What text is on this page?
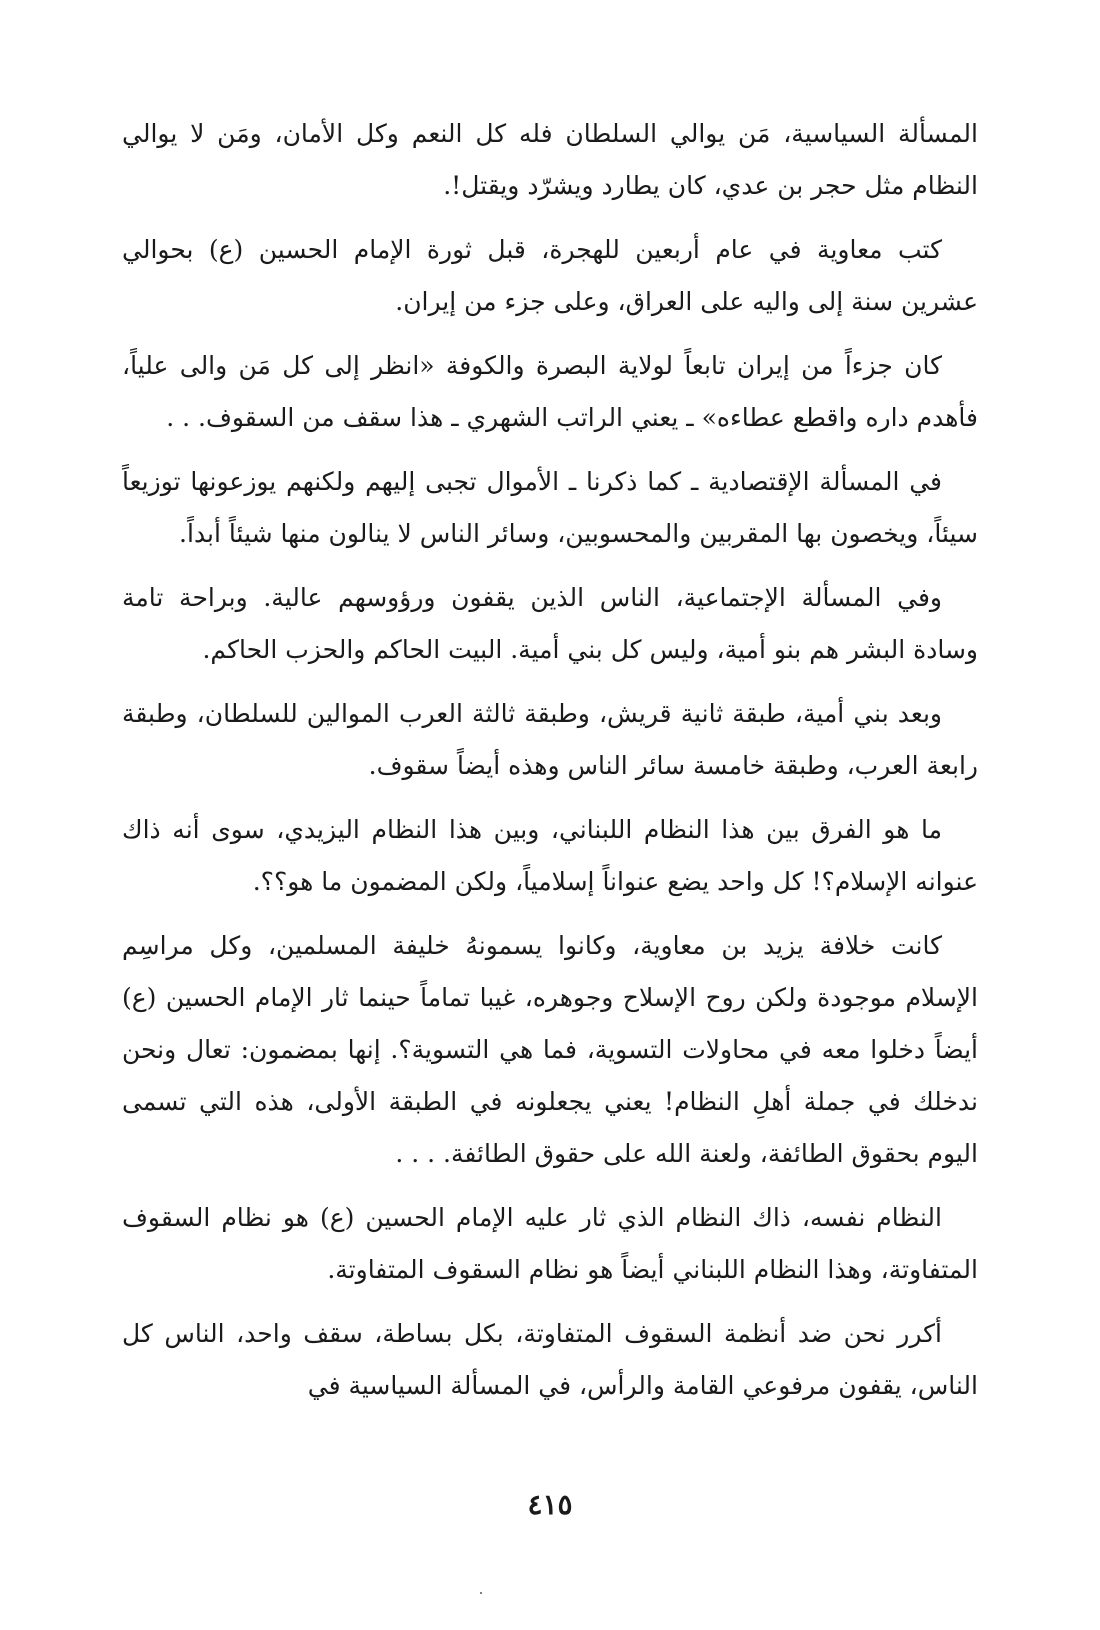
المسألة السياسية، مَن يوالي السلطان فله كل النعم وكل الأمان، ومَن لا يوالي النظام مثل حجر بن عدي، كان يطارد ويشرّد ويقتل!.

كتب معاوية في عام أربعين للهجرة، قبل ثورة الإمام الحسين (ع) بحوالي عشرين سنة إلى واليه على العراق، وعلى جزء من إيران.

كان جزءاً من إيران تابعاً لولاية البصرة والكوفة «انظر إلى كل مَن والى علياً، فأهدم داره واقطع عطاءه» ـ يعني الراتب الشهري ـ هذا سقف من السقوف. . .

في المسألة الإقتصادية ـ كما ذكرنا ـ الأموال تجبى إليهم ولكنهم يوزعونها توزيعاً سيئاً، ويخصون بها المقربين والمحسوبين، وسائر الناس لا ينالون منها شيئاً أبداً.

وفي المسألة الإجتماعية، الناس الذين يقفون ورؤوسهم عالية. وبراحة تامة وسادة البشر هم بنو أمية، وليس كل بني أمية. البيت الحاكم والحزب الحاكم.

وبعد بني أمية، طبقة ثانية قريش، وطبقة ثالثة العرب الموالين للسلطان، وطبقة رابعة العرب، وطبقة خامسة سائر الناس وهذه أيضاً سقوف.

ما هو الفرق بين هذا النظام اللبناني، وبين هذا النظام اليزيدي، سوى أنه ذاك عنوانه الإسلام؟! كل واحد يضع عنواناً إسلامياً، ولكن المضمون ما هو؟؟.

كانت خلافة يزيد بن معاوية، وكانوا يسمونهُ خليفة المسلمين، وكل مراسِم الإسلام موجودة ولكن روح الإسلاح وجوهره، غيبا تماماً حينما ثار الإمام الحسين (ع) أيضاً دخلوا معه في محاولات التسوية، فما هي التسوية؟. إنها بمضمون: تعال ونحن ندخلك في جملة أهلِ النظام! يعني يجعلونه في الطبقة الأولى، هذه التي تسمى اليوم بحقوق الطائفة، ولعنة الله على حقوق الطائفة. . . .

النظام نفسه، ذاك النظام الذي ثار عليه الإمام الحسين (ع) هو نظام السقوف المتفاوتة، وهذا النظام اللبناني أيضاً هو نظام السقوف المتفاوتة.

أكرر نحن ضد أنظمة السقوف المتفاوتة، بكل بساطة، سقف واحد، الناس كل الناس، يقفون مرفوعي القامة والرأس، في المسألة السياسية في

٤١٥
